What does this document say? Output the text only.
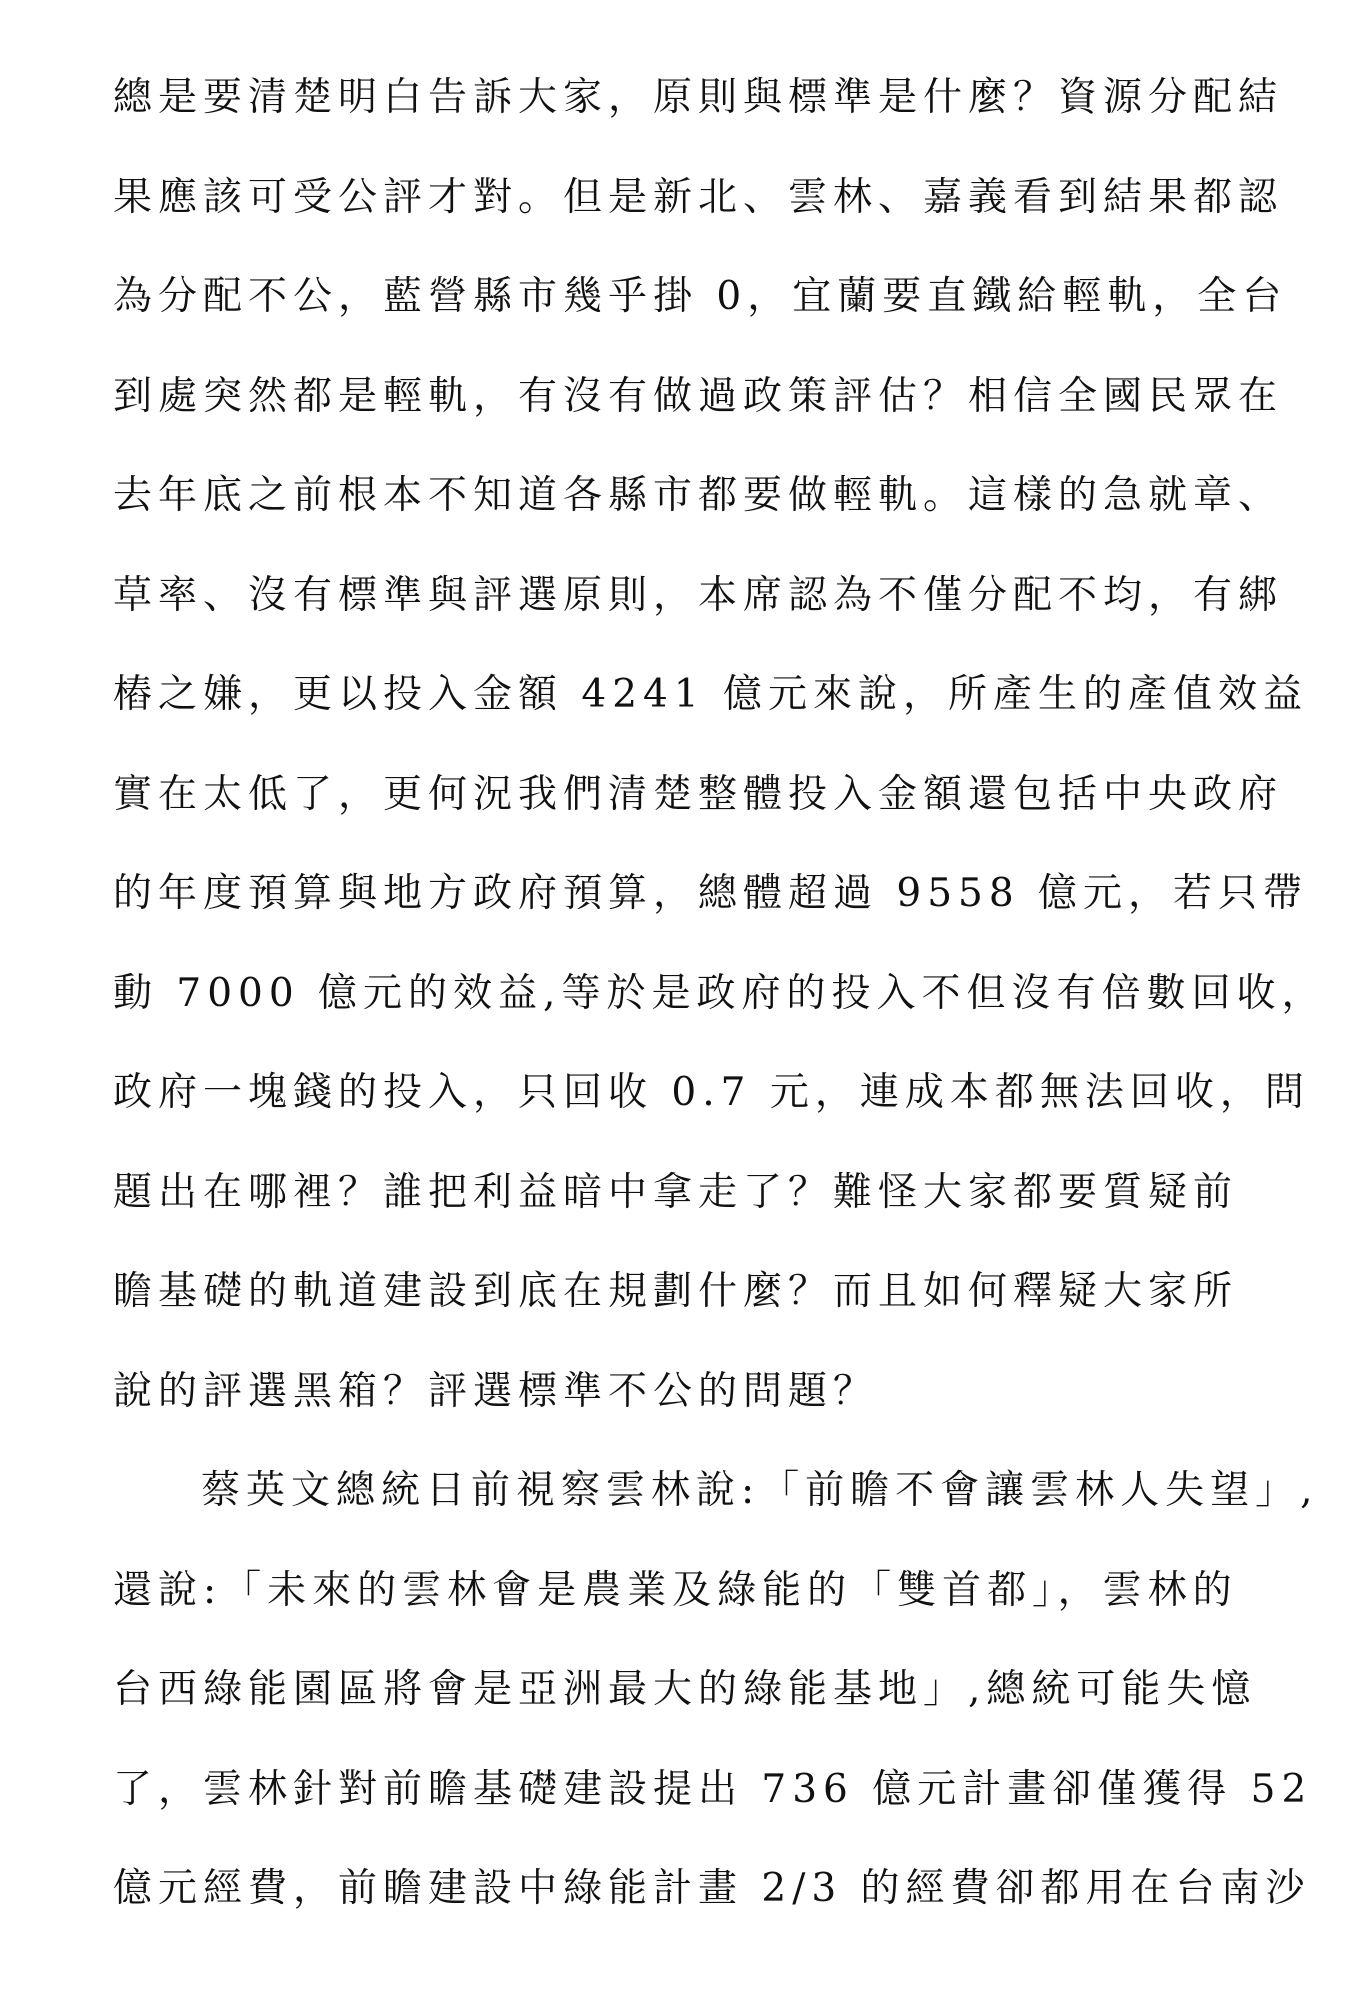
總是要清楚明白告訴大家，原則與標準是什麼？資源分配結
果應該可受公評才對。但是新北、雲林、嘉義看到結果都認
為分配不公，藍營縣市幾乎掛 0，宜蘭要直鐵給輕軌，全台
到處突然都是輕軌，有沒有做過政策評估？相信全國民眾在
去年底之前根本不知道各縣市都要做輕軌。這樣的急就章、
草率、沒有標準與評選原則，本席認為不僅分配不均，有綁
樁之嫌，更以投入金額 4241 億元來說，所產生的產值效益
實在太低了，更何況我們清楚整體投入金額還包括中央政府
的年度預算與地方政府預算，總體超過 9558 億元，若只帶
動 7000 億元的效益,等於是政府的投入不但沒有倍數回收，
政府一塊錢的投入，只回收 0.7 元，連成本都無法回收，問
題出在哪裡？誰把利益暗中拿走了？難怪大家都要質疑前
瞻基礎的軌道建設到底在規劃什麼？而且如何釋疑大家所
說的評選黑箱？評選標準不公的問題？
蔡英文總統日前視察雲林說:「前瞻不會讓雲林人失望」,
還說:「未來的雲林會是農業及綠能的「雙首都」，雲林的
台西綠能園區將會是亞洲最大的綠能基地」,總統可能失憶
了，雲林針對前瞻基礎建設提出 736 億元計畫卻僅獲得 52
億元經費，前瞻建設中綠能計畫 2/3 的經費卻都用在台南沙
